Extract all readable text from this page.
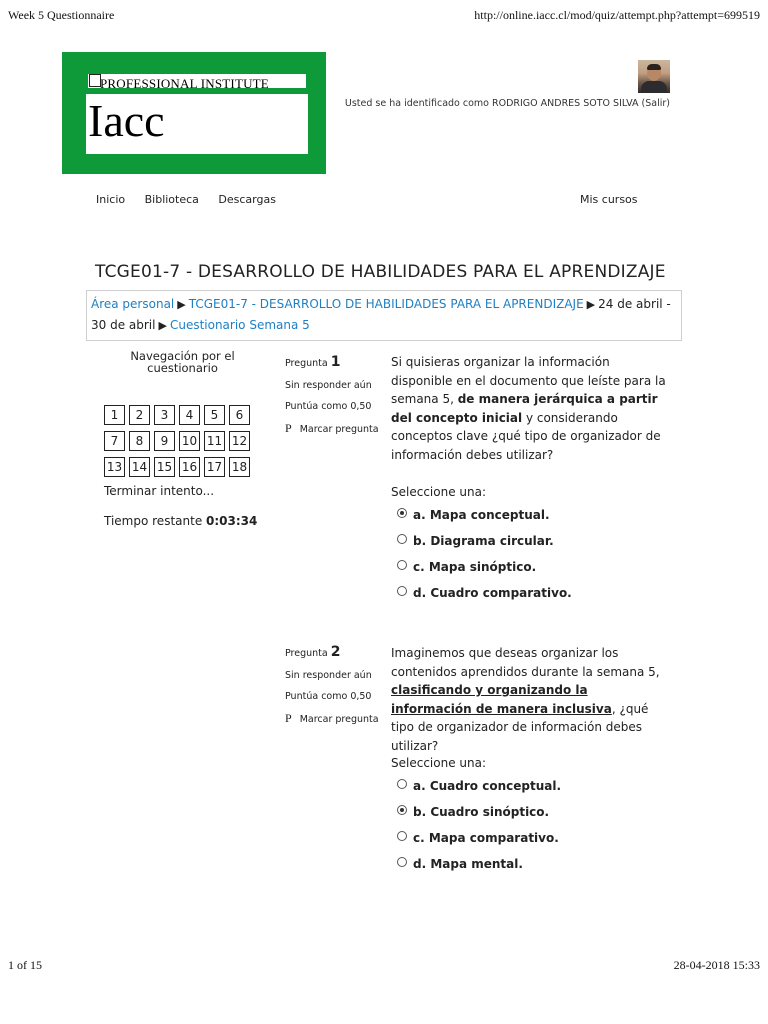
Week 5 Questionnaire	http://online.iacc.cl/mod/quiz/attempt.php?attempt=699519
PROFESSIONAL INSTITUTE
Iacc	Usted se ha identificado como RODRIGO ANDRES SOTO SILVA (Salir)
Inicio Biblioteca Descargas	Mis cursos
TCGE01-7 - DESARROLLO DE HABILIDADES PARA EL APRENDIZAJE
Área personal ▶ TCGE01-7 - DESARROLLO DE HABILIDADES PARA EL APRENDIZAJE ▶ 24 de abril - 30 de abril ▶ Cuestionario Semana 5
Navegación por el cuestionario
1 2 3 4 5 6
7 8 9 10 11 12
13 14 15 16 17 18
Terminar intento...
Tiempo restante 0:03:34
Pregunta 1
Sin responder aún
Puntúa como 0,50
P Marcar pregunta
Si quisieras organizar la información disponible en el documento que leíste para la semana 5, de manera jerárquica a partir del concepto inicial y considerando conceptos clave ¿qué tipo de organizador de información debes utilizar?
Seleccione una:
a. Mapa conceptual.
b. Diagrama circular.
c. Mapa sinóptico.
d. Cuadro comparativo.
Pregunta 2
Sin responder aún
Puntúa como 0,50
P Marcar pregunta
Imaginemos que deseas organizar los contenidos aprendidos durante la semana 5, clasificando y organizando la información de manera inclusiva, ¿qué tipo de organizador de información debes utilizar?
Seleccione una:
a. Cuadro conceptual.
b. Cuadro sinóptico.
c. Mapa comparativo.
d. Mapa mental.
1 of 15	28-04-2018 15:33
